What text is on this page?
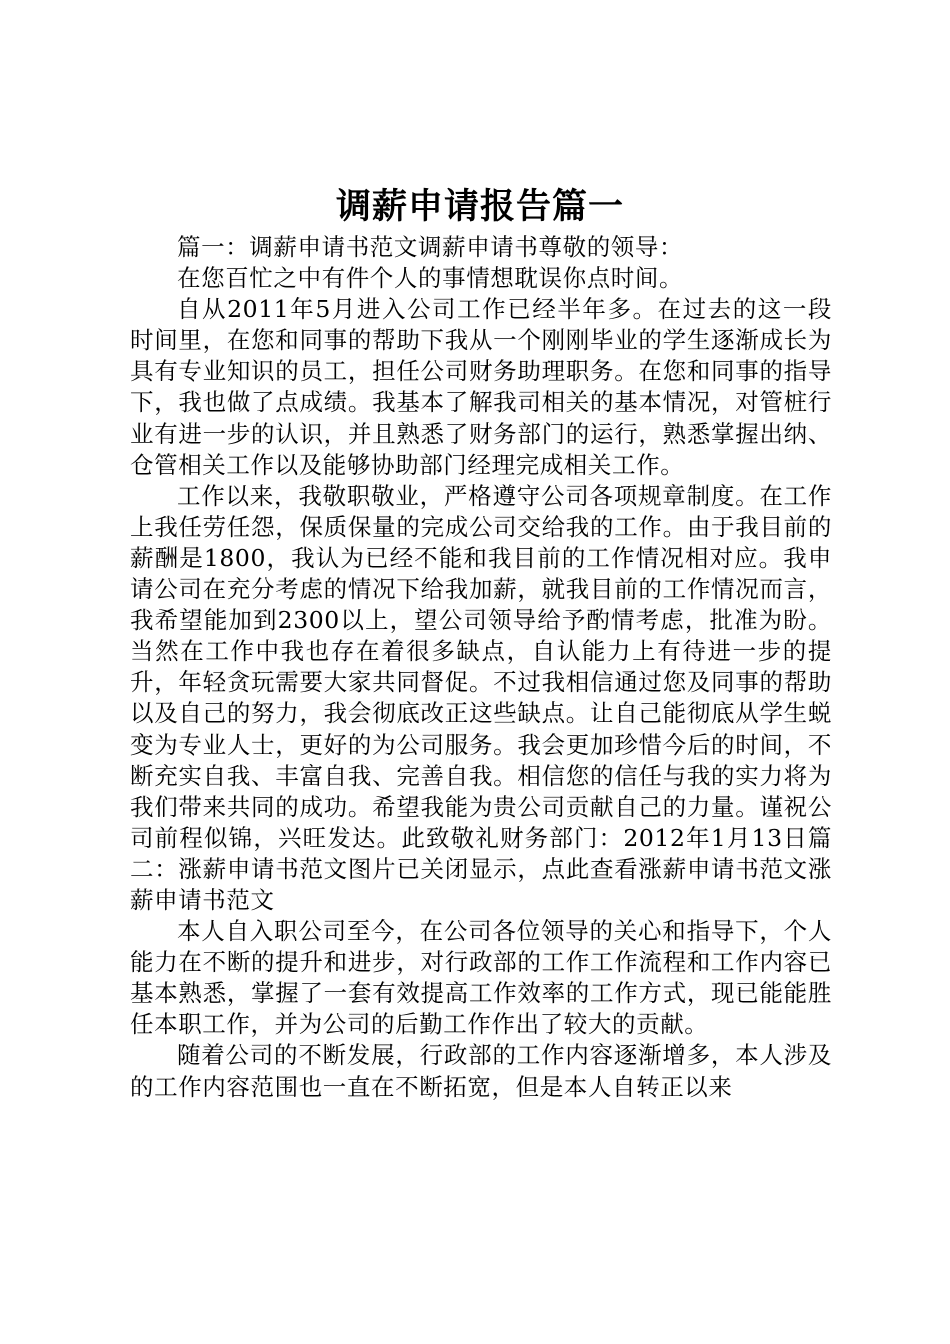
调薪申请报告篇一

篇一：调薪申请书范文调薪申请书尊敬的领导：

在您百忙之中有件个人的事情想耽误你点时间。

自从2011年5月进入公司工作已经半年多。在过去的这一段时间里，在您和同事的帮助下我从一个刚刚毕业的学生逐渐成长为具有专业知识的员工，担任公司财务助理职务。在您和同事的指导下，我也做了点成绩。我基本了解我司相关的基本情况，对管桩行业有进一步的认识，并且熟悉了财务部门的运行，熟悉掌握出纳、仓管相关工作以及能够协助部门经理完成相关工作。

工作以来，我敬职敬业，严格遵守公司各项规章制度。在工作上我任劳任怨，保质保量的完成公司交给我的工作。由于我目前的薪酬是1800，我认为已经不能和我目前的工作情况相对应。我申请公司在充分考虑的情况下给我加薪，就我目前的工作情况而言，我希望能加到2300以上，望公司领导给予酌情考虑，批准为盼。当然在工作中我也存在着很多缺点，自认能力上有待进一步的提升，年轻贪玩需要大家共同督促。不过我相信通过您及同事的帮助以及自己的努力，我会彻底改正这些缺点。让自己能彻底从学生蜕变为专业人士，更好的为公司服务。我会更加珍惜今后的时间，不断充实自我、丰富自我、完善自我。相信您的信任与我的实力将为我们带来共同的成功。希望我能为贵公司贡献自己的力量。谨祝公司前程似锦，兴旺发达。此致敬礼财务部门：2012年1月13日篇二：涨薪申请书范文图片已关闭显示，点此查看涨薪申请书范文涨薪申请书范文

本人自入职公司至今，在公司各位领导的关心和指导下，个人能力在不断的提升和进步，对行政部的工作工作流程和工作内容已基本熟悉，掌握了一套有效提高工作效率的工作方式，现已能能胜任本职工作，并为公司的后勤工作作出了较大的贡献。

随着公司的不断发展，行政部的工作内容逐渐增多，本人涉及的工作内容范围也一直在不断拓宽，但是本人自转正以来
